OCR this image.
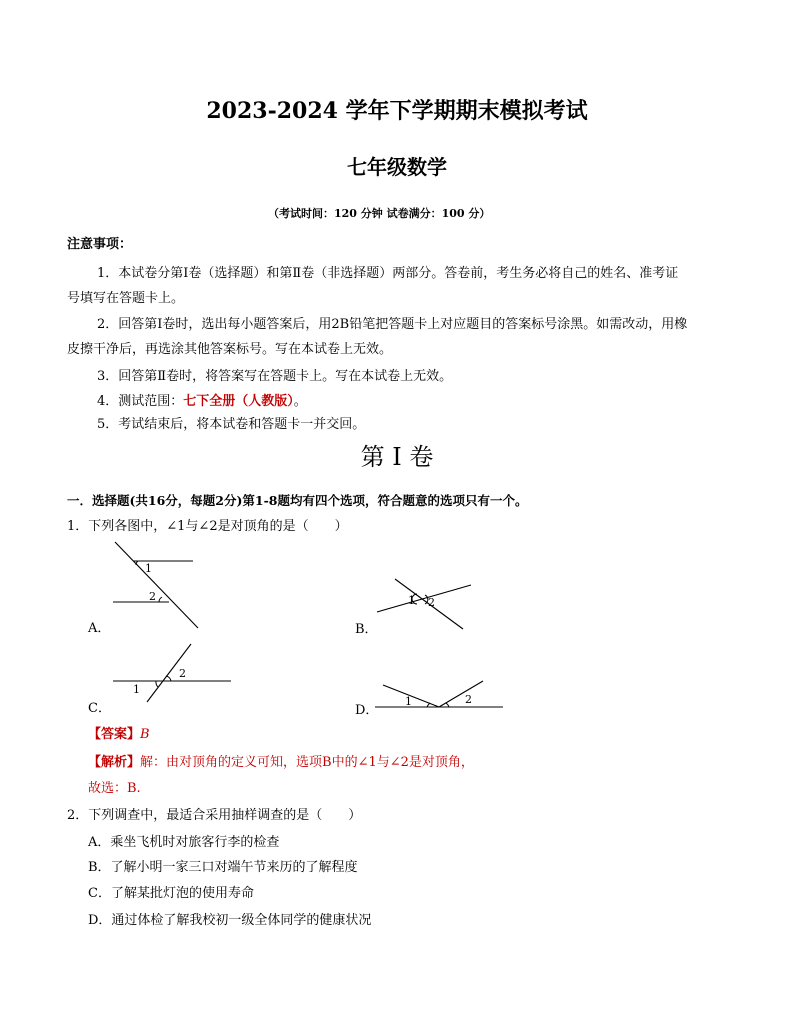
2023-2024 学年下学期期末模拟考试
七年级数学
（考试时间：120 分钟 试卷满分：100 分）
注意事项：
1．本试卷分第Ⅰ卷（选择题）和第Ⅱ卷（非选择题）两部分。答卷前，考生务必将自己的姓名、准考证
号填写在答题卡上。
2．回答第Ⅰ卷时，选出每小题答案后，用2B铅笔把答题卡上对应题目的答案标号涂黑。如需改动，用橡
皮擦干净后，再选涂其他答案标号。写在本试卷上无效。
3．回答第Ⅱ卷时，将答案写在答题卡上。写在本试卷上无效。
4．测试范围：七下全册（人教版）。
5．考试结束后，将本试卷和答题卡一并交回。
第 I 卷
一．选择题(共16分，每题2分)第1-8题均有四个选项，符合题意的选项只有一个。
1．下列各图中，∠1与∠2是对顶角的是（　　）
1
2
A．
1 2
B．
1
2
C．	1	2
D．
【答案】B
【解析】解：由对顶角的定义可知，选项B中的∠1与∠2是对顶角，
故选：B.
2．下列调查中，最适合采用抽样调查的是（　　）
A．乘坐飞机时对旅客行李的检查
B．了解小明一家三口对端午节来历的了解程度
C．了解某批灯泡的使用寿命
D．通过体检了解我校初一级全体同学的健康状况
